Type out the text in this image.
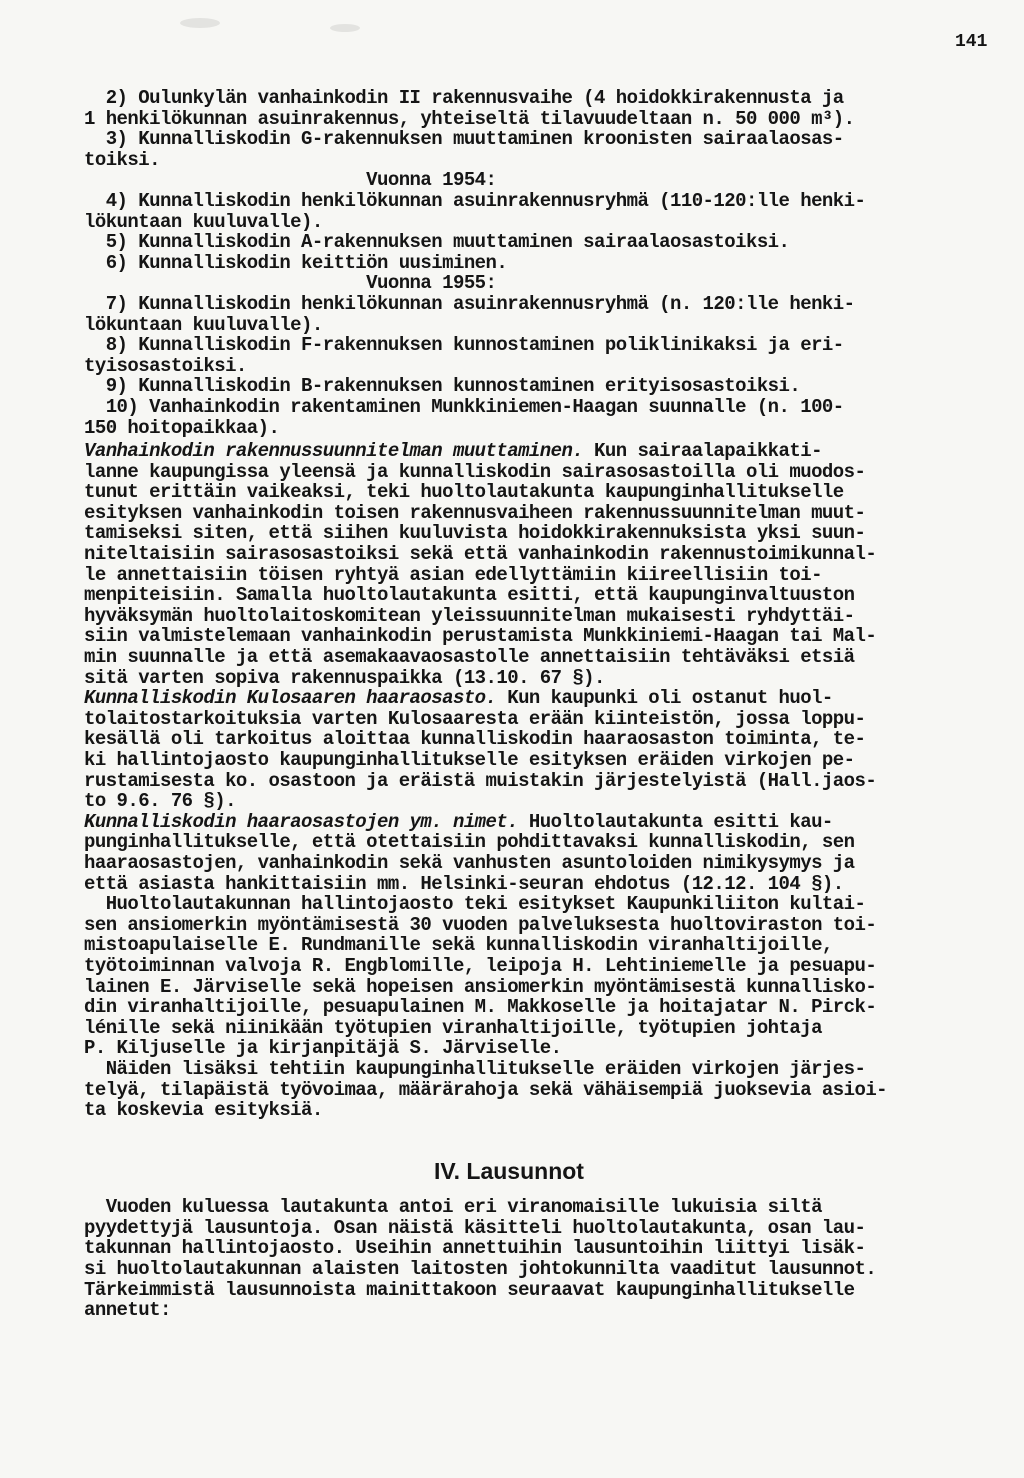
141
2) Oulunkylän vanhainkodin II rakennusvaihe (4 hoidokkirakennusta ja
1 henkilökunnan asuinrakennus, yhteiseltä tilavuudeltaan n. 50 000 m³).
3) Kunnalliskodin G-rakennuksen muuttaminen kroonisten sairaalaosas-
toiksi.
Vuonna 1954:
4) Kunnalliskodin henkilökunnan asuinrakennusryhmä (110-120:lle henki-
lökuntaan kuuluvalle).
5) Kunnalliskodin A-rakennuksen muuttaminen sairaalaosastoiksi.
6) Kunnalliskodin keittiön uusiminen.
Vuonna 1955:
7) Kunnalliskodin henkilökunnan asuinrakennusryhmä (n. 120:lle henki-
lökuntaan kuuluvalle).
8) Kunnalliskodin F-rakennuksen kunnostaminen poliklinikaksi ja eri-
tyisosastoiksi.
9) Kunnalliskodin B-rakennuksen kunnostaminen erityisosastoiksi.
10) Vanhainkodin rakentaminen Munkkiniemen-Haagan suunnalle (n. 100-
150 hoitopaikkaa).
Vanhainkodin rakennussuunnitelman muuttaminen. Kun sairaalapaikkati-
lanne kaupungissa yleensä ja kunnalliskodin sairasosastoilla oli muodos-
tunut erittäin vaikeaksi, teki huoltolautakunta kaupunginhallitukselle
esityksen vanhainkodin toisen rakennusvaiheen rakennussuunnitelman muut-
tamiseksi siten, että siihen kuuluvista hoidokkirakennuksista yksi suun-
niteltaisiin sairasosastoiksi sekä että vanhainkodin rakennustoimikunnal-
le annettaisiin töisen ryhtyä asian edellyttämiin kiireellisiin toi-
menpiteisiin. Samalla huoltolautakunta esitti, että kaupunginvaltuuston
hyväksymän huoltolaitoskomitean yleissuunnitelman mukaisesti ryhdyttäi-
siin valmistelemaan vanhainkodin perustamista Munkkiniemi-Haagan tai Mal-
min suunnalle ja että asemakaavaosastolle annettaisiin tehtäväksi etsiä
sitä varten sopiva rakennuspaikka (13.10. 67 §).
Kunnalliskodin Kulosaaren haaraosasto. Kun kaupunki oli ostanut huol-
tolaitostarkoituksia varten Kulosaaresta erään kiinteistön, jossa loppu-
kesällä oli tarkoitus aloittaa kunnalliskodin haaraosaston toiminta, te-
ki hallintojaosto kaupunginhallitukselle esityksen eräiden virkojen pe-
rustamisesta ko. osastoon ja eräistä muistakin järjestelyistä (Hall.jaos-
to 9.6. 76 §).
Kunnalliskodin haaraosastojen ym. nimet. Huoltolautakunta esitti kau-
punginhallitukselle, että otettaisiin pohdittavaksi kunnalliskodin, sen
haaraosastojen, vanhainkodin sekä vanhusten asuntoloiden nimikysymys ja
että asiasta hankittaisiin mm. Helsinki-seuran ehdotus (12.12. 104 §).
Huoltolautakunnan hallintojaosto teki esitykset Kaupunkiliiton kultai-
sen ansiomerkin myöntämisestä 30 vuoden palveluksesta huoltoviraston toi-
mistoapulaiselle E. Rundmanille sekä kunnalliskodin viranhaltijoille,
työtoiminnan valvoja R. Engblomille, leipoja H. Lehtiniemelle ja pesuapu-
lainen E. Järviselle sekä hopeisen ansiomerkin myöntämisestä kunnallisko-
din viranhaltijoille, pesuapulainen M. Makkoselle ja hoitajatar N. Pirck-
lénille sekä niinikään työtupien viranhaltijoille, työtupien johtaja
P. Kiljuselle ja kirjanpitäjä S. Järviselle.
Näiden lisäksi tehtiin kaupunginhallitukselle eräiden virkojen järjes-
telyä, tilapäistä työvoimaa, määrärahoja sekä vähäisempiä juoksevia asioi-
ta koskevia esityksiä.
IV. Lausunnot
Vuoden kuluessa lautakunta antoi eri viranomaisille lukuisia siltä
pyydettyjä lausuntoja. Osan näistä käsitteli huoltolautakunta, osan lau-
takunnan hallintojaosto. Useihin annettuihin lausuntoihin liittyi lisäk-
si huoltolautakunnan alaisten laitosten johtokunnilta vaaditut lausunnot.
Tärkeimmistä lausunnoista mainittakoon seuraavat kaupunginhallitukselle
annetut:
